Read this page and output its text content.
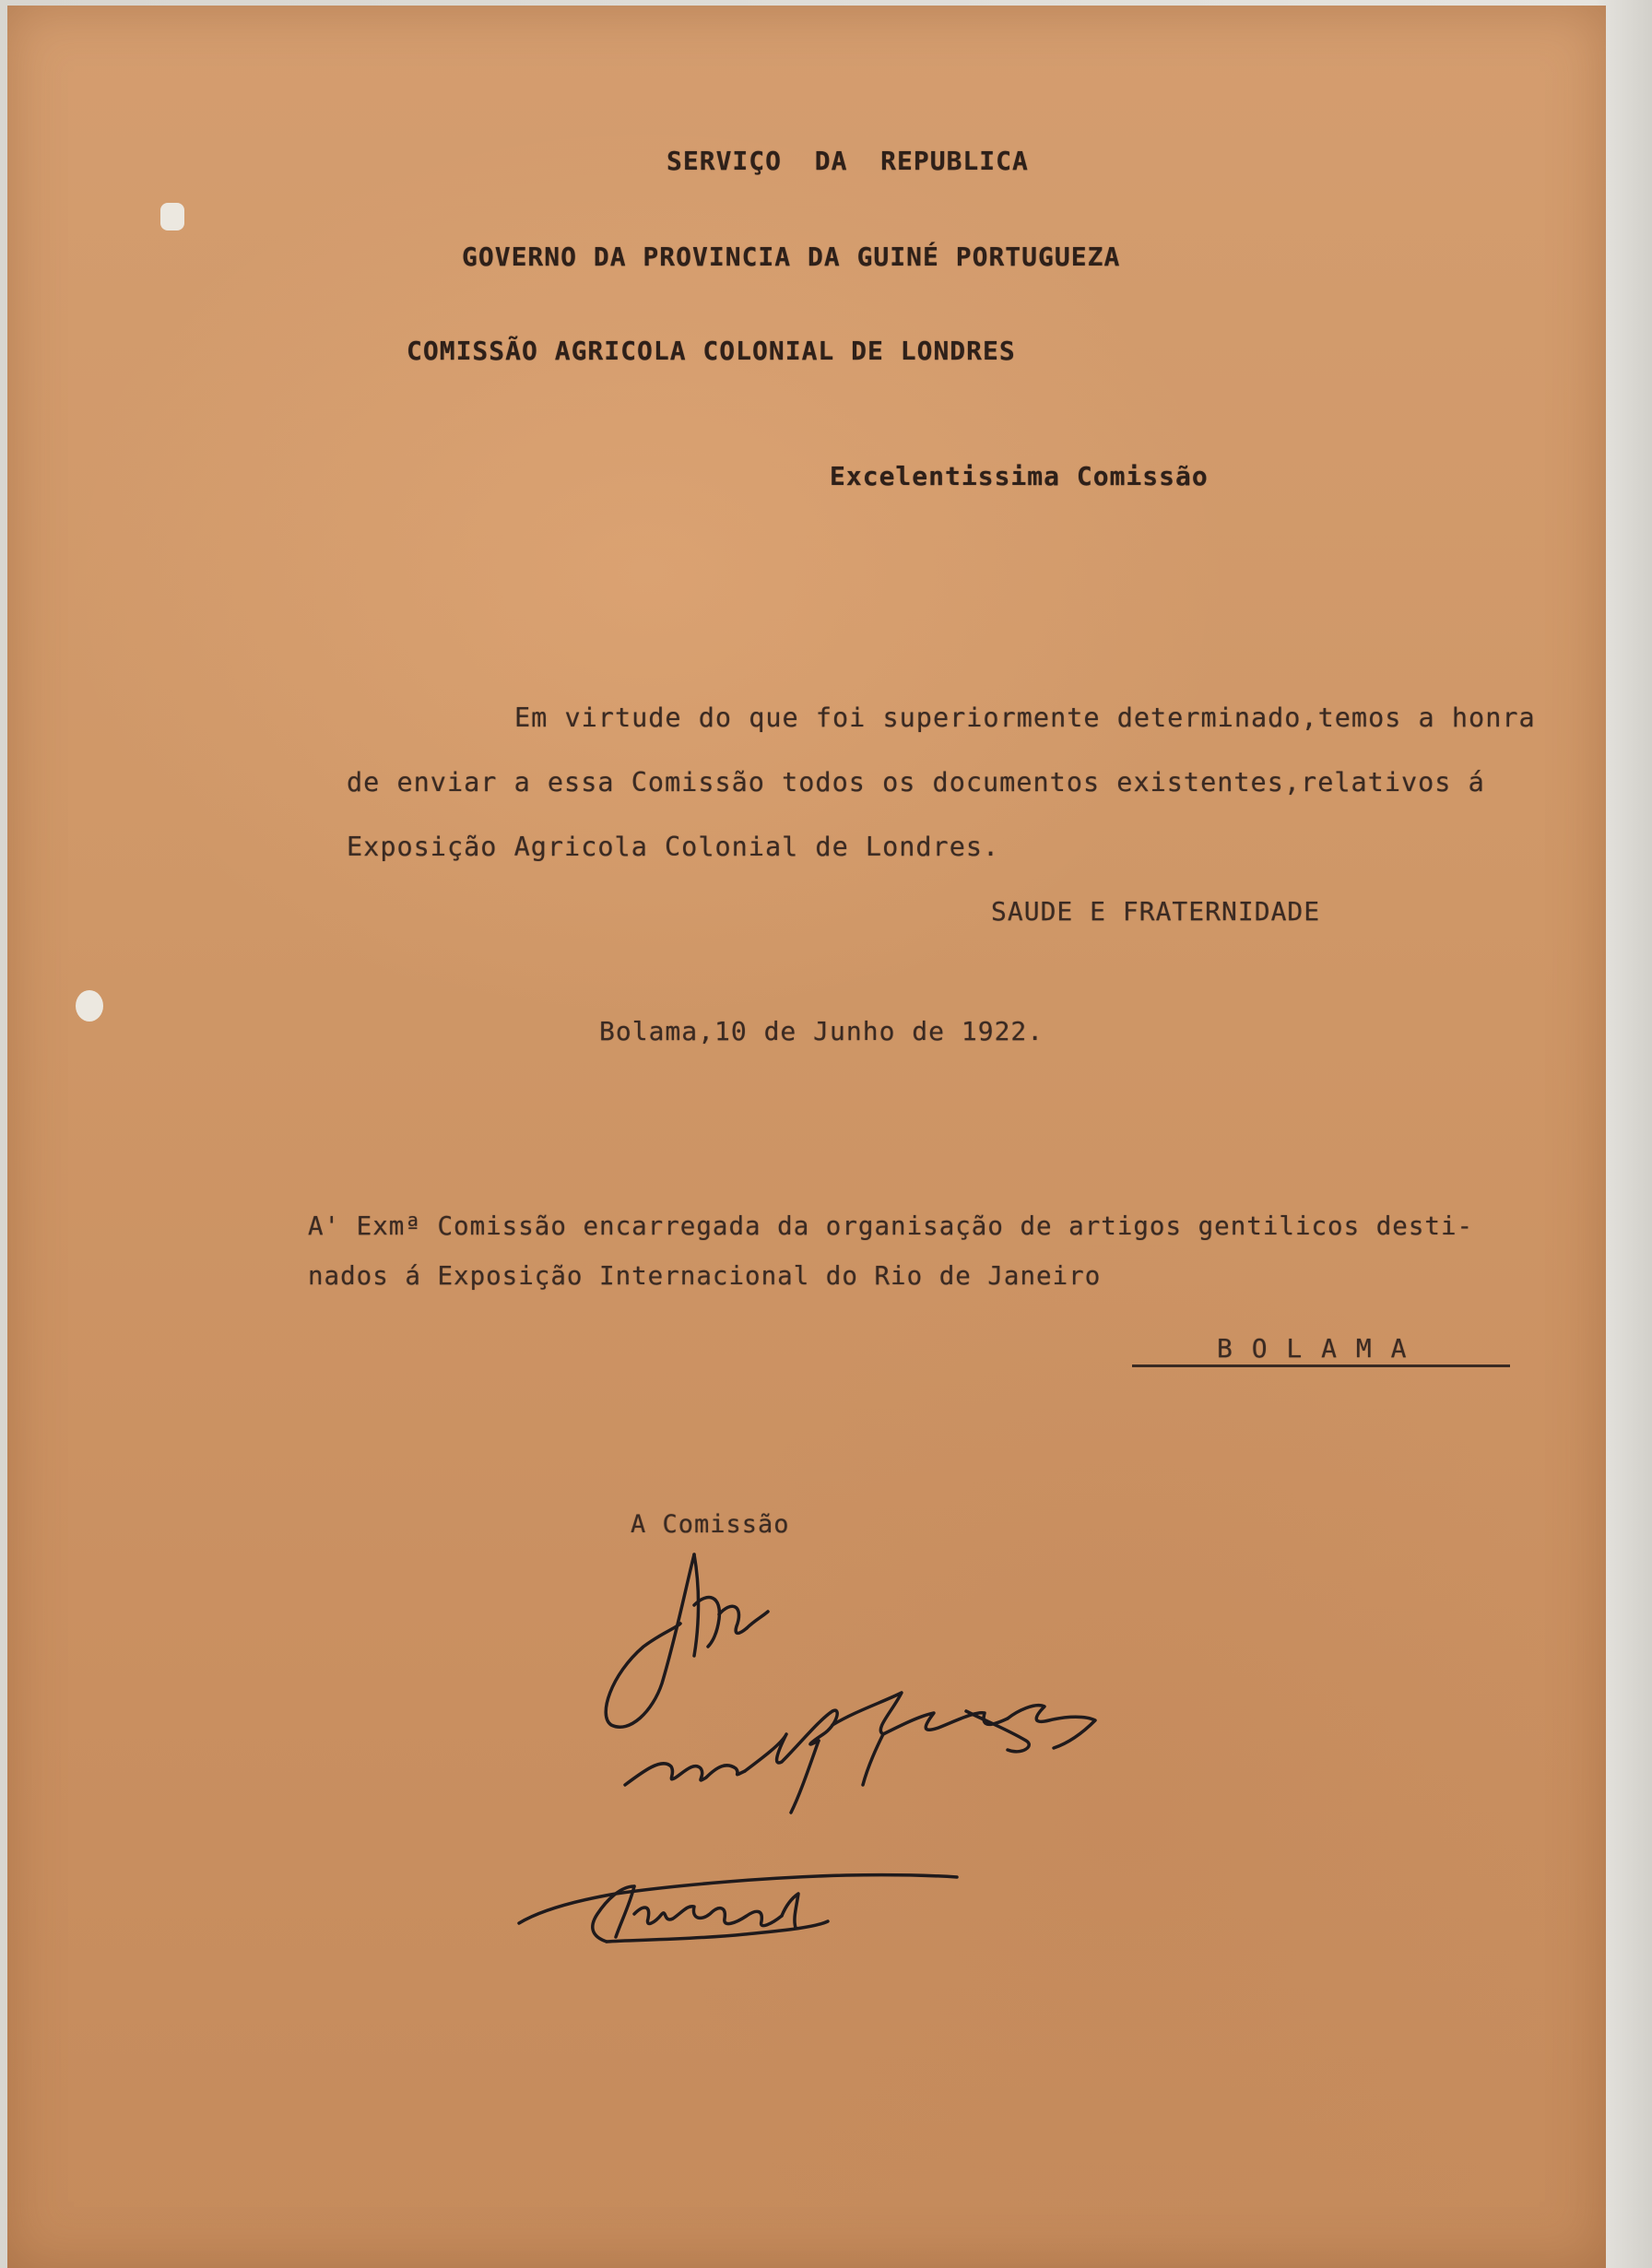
SERVIÇO  DA  REPUBLICA
GOVERNO DA PROVINCIA DA GUINÉ PORTUGUEZA
COMISSÃO AGRICOLA COLONIAL DE LONDRES
Excelentissima Comissão
Em virtude do que foi superiormente determinado,temos a honra
de enviar a essa Comissão todos os documentos existentes,relativos á
Exposição Agricola Colonial de Londres.
SAUDE E FRATERNIDADE
Bolama,10 de Junho de 1922.
A' Exmª Comissão encarregada da organisação de artigos gentilicos desti-
nados á Exposição Internacional do Rio de Janeiro
B O L A M A
A Comissão
